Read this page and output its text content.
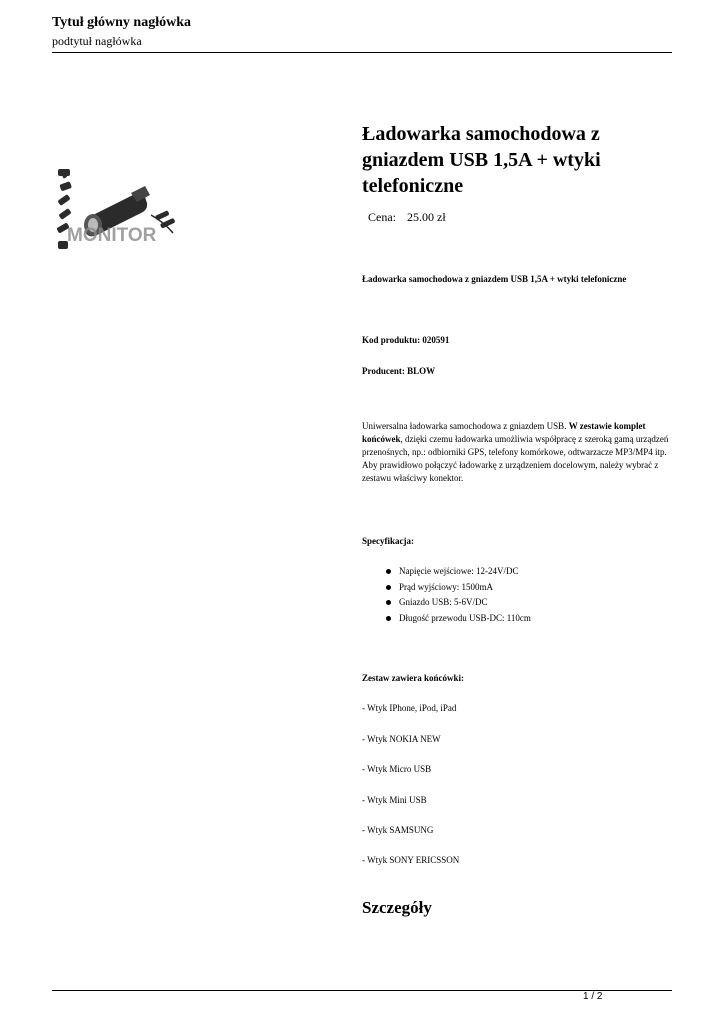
Tytuł główny nagłówka
podtytuł nagłówka
MONITOR
Ładowarka samochodowa z gniazdem USB 1,5A + wtyki telefoniczne
Cena: 25.00 zł
Ładowarka samochodowa z gniazdem USB 1,5A + wtyki telefoniczne
Kod produktu: 020591
Producent: BLOW
Uniwersalna ładowarka samochodowa z gniazdem USB. W zestawie komplet końcówek, dzięki czemu ładowarka umożliwia współpracę z szeroką gamą urządzeń przenośnych, np.: odbiorniki GPS, telefony komórkowe, odtwarzacze MP3/MP4 itp. Aby prawidłowo połączyć ładowarkę z urządzeniem docelowym, należy wybrać z zestawu właściwy konektor.
Specyfikacja:
Napięcie wejściowe: 12-24V/DC
Prąd wyjściowy: 1500mA
Gniazdo USB: 5-6V/DC
Długość przewodu USB-DC: 110cm
Zestaw zawiera końcówki:
- Wtyk IPhone, iPod, iPad
- Wtyk NOKIA NEW
- Wtyk Micro USB
- Wtyk Mini USB
- Wtyk SAMSUNG
- Wtyk SONY ERICSSON
Szczegóły
1 / 2
